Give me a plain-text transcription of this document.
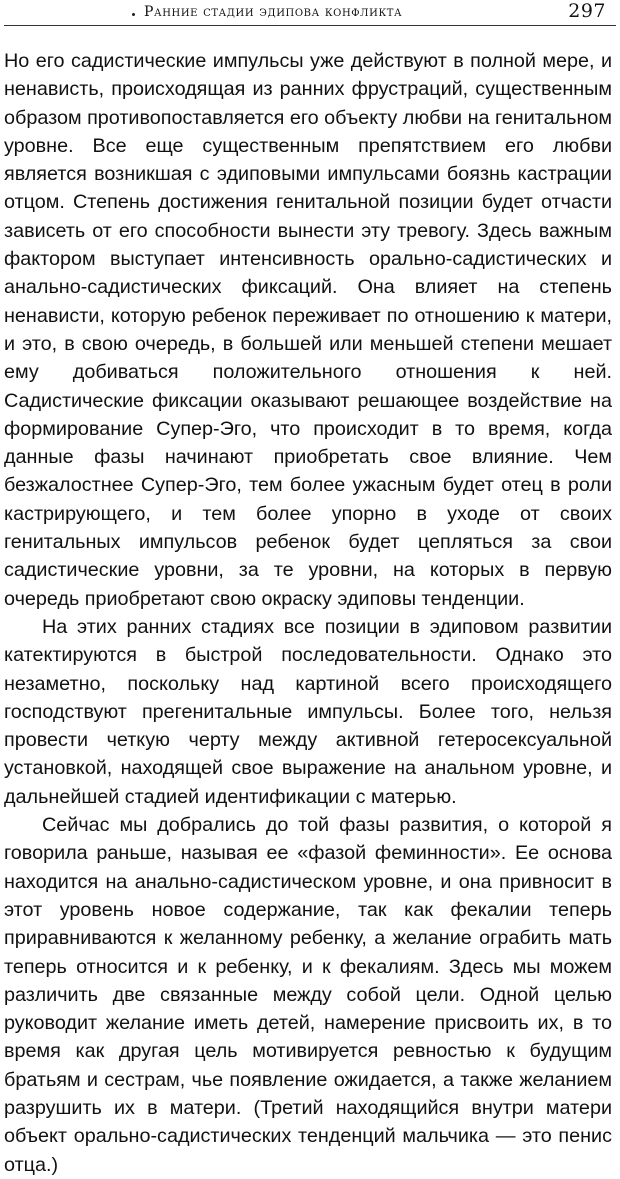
Ранние стадии эдипова конфликта	297

Но его садистические импульсы уже действуют в полной мере, и ненависть, происходящая из ранних фрустраций, существенным образом противопоставляется его объекту любви на генитальном уровне. Все еще существенным препятствием его любви является возникшая с эдиповыми импульсами боязнь кастрации отцом. Степень достижения генитальной позиции будет отчасти зависеть от его способности вынести эту тревогу. Здесь важным фактором выступает интенсивность орально-садистических и анально-садистических фиксаций. Она влияет на степень ненависти, которую ребенок переживает по отношению к матери, и это, в свою очередь, в большей или меньшей степени мешает ему добиваться положительного отношения к ней. Садистические фиксации оказывают решающее воздействие на формирование Супер-Эго, что происходит в то время, когда данные фазы начинают приобретать свое влияние. Чем безжалостнее Супер-Эго, тем более ужасным будет отец в роли кастрирующего, и тем более упорно в уходе от своих генитальных импульсов ребенок будет цепляться за свои садистические уровни, за те уровни, на которых в первую очередь приобретают свою окраску эдиповы тенденции.

На этих ранних стадиях все позиции в эдиповом развитии катектируются в быстрой последовательности. Однако это незаметно, поскольку над картиной всего происходящего господствуют прегенитальные импульсы. Более того, нельзя провести четкую черту между активной гетеросексуальной установкой, находящей свое выражение на анальном уровне, и дальнейшей стадией идентификации с матерью.

Сейчас мы добрались до той фазы развития, о которой я говорила раньше, называя ее «фазой феминности». Ее основа находится на анально-садистическом уровне, и она привносит в этот уровень новое содержание, так как фекалии теперь приравниваются к желанному ребенку, а желание ограбить мать теперь относится и к ребенку, и к фекалиям. Здесь мы можем различить две связанные между собой цели. Одной целью руководит желание иметь детей, намерение присвоить их, в то время как другая цель мотивируется ревностью к будущим братьям и сестрам, чье появление ожидается, а также желанием разрушить их в матери. (Третий находящийся внутри матери объект орально-садистических тенденций мальчика — это пенис отца.)
